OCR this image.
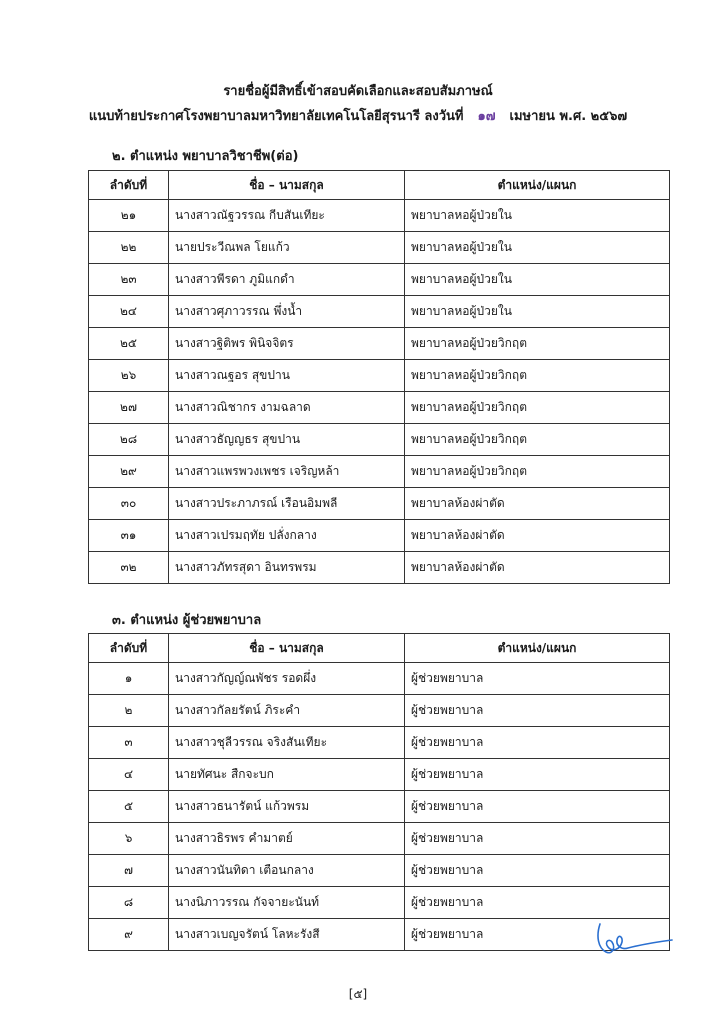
รายชื่อผู้มีสิทธิ์เข้าสอบคัดเลือกและสอบสัมภาษณ์
แนบท้ายประกาศโรงพยาบาลมหาวิทยาลัยเทคโนโลยีสุรนารี ลงวันที่ ๑๗ เมษายน พ.ศ. ๒๕๖๗
๒. ตำแหน่ง พยาบาลวิชาชีพ(ต่อ)
ลำดับที่	ชื่อ – นามสกุล	ตำแหน่ง/แผนก
๒๑	นางสาวณัฐวรรณ กีบสันเทียะ	พยาบาลหอผู้ป่วยใน
๒๒	นายประวีณพล โยแก้ว	พยาบาลหอผู้ป่วยใน
๒๓	นางสาวพีรดา ภูมิแกดำ	พยาบาลหอผู้ป่วยใน
๒๔	นางสาวศุภาวรรณ พึ่งน้ำ	พยาบาลหอผู้ป่วยใน
๒๕	นางสาวฐิติพร พินิจจิตร	พยาบาลหอผู้ป่วยวิกฤต
๒๖	นางสาวณฐอร สุขปาน	พยาบาลหอผู้ป่วยวิกฤต
๒๗	นางสาวณิชากร งามฉลาด	พยาบาลหอผู้ป่วยวิกฤต
๒๘	นางสาวธัญญธร สุขปาน	พยาบาลหอผู้ป่วยวิกฤต
๒๙	นางสาวแพรพวงเพชร เจริญหล้า	พยาบาลหอผู้ป่วยวิกฤต
๓๐	นางสาวประภาภรณ์ เรือนอิมพลี	พยาบาลห้องผ่าตัด
๓๑	นางสาวเปรมฤทัย ปลั่งกลาง	พยาบาลห้องผ่าตัด
๓๒	นางสาวภัทรสุดา อินทรพรม	พยาบาลห้องผ่าตัด
๓. ตำแหน่ง ผู้ช่วยพยาบาล
ลำดับที่	ชื่อ – นามสกุล	ตำแหน่ง/แผนก
๑	นางสาวกัญญ์ณพัชร รอดผึ่ง	ผู้ช่วยพยาบาล
๒	นางสาวกัลยรัตน์ ภิระคำ	ผู้ช่วยพยาบาล
๓	นางสาวชุลีวรรณ จริงสันเทียะ	ผู้ช่วยพยาบาล
๔	นายทัศนะ สืกจะบก	ผู้ช่วยพยาบาล
๕	นางสาวธนารัตน์ แก้วพรม	ผู้ช่วยพยาบาล
๖	นางสาวธิรพร คำมาตย์	ผู้ช่วยพยาบาล
๗	นางสาวนันทิดา เตือนกลาง	ผู้ช่วยพยาบาล
๘	นางนิภาวรรณ กัจจายะนันท์	ผู้ช่วยพยาบาล
๙	นางสาวเบญจรัตน์ โลหะรังสี	ผู้ช่วยพยาบาล
[๕]
